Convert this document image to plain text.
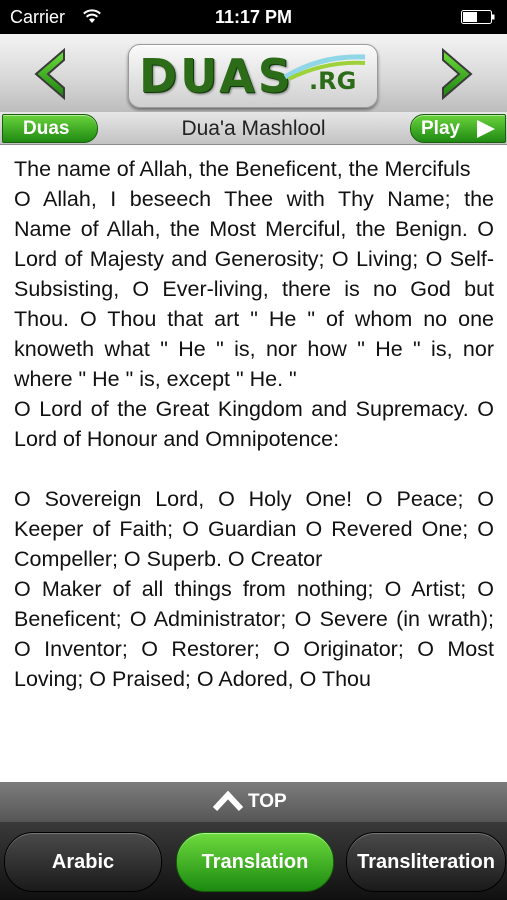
Carrier	11:17 PM
DUAS .RG
Duas	Dua'a Mashlool	Play

The name of Allah, the Beneficent, the Mercifuls

O Allah, I beseech Thee with Thy Name; the Name of Allah, the Most Merciful, the Benign. O Lord of Majesty and Generosity; O Living; O Self-Subsisting, O Ever-living, there is no God but Thou. O Thou that art " He " of whom no one knoweth what " He " is, nor how " He " is, nor where " He " is, except " He. "

O Lord of the Great Kingdom and Supremacy. O Lord of Honour and Omnipotence:

O Sovereign Lord, O Holy One! O Peace; O Keeper of Faith; O Guardian O Revered One; O Compeller; O Superb. O Creator

O Maker of all things from nothing; O Artist; O Beneficent; O Administrator; O Severe (in wrath); O Inventor; O Restorer; O Originator; O Most Loving; O Praised; O Adored, O Thou

TOP
Arabic	Translation	Transliteration
